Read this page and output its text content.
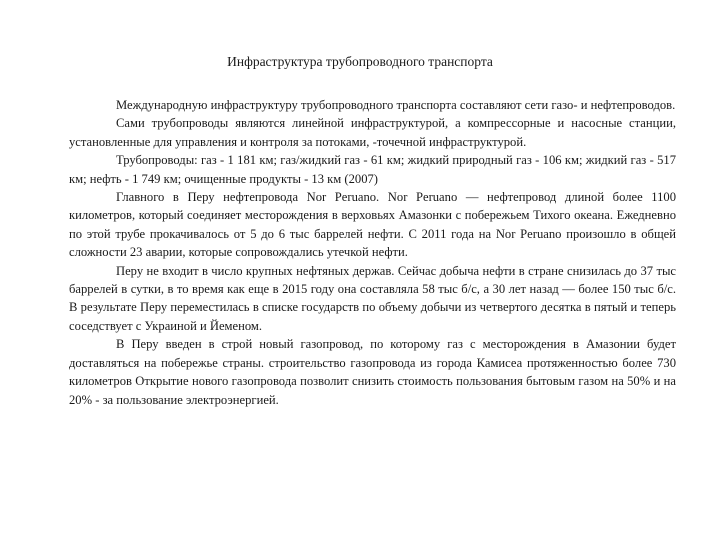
Инфраструктура трубопроводного транспорта

Международную инфраструктуру трубопроводного транспорта составляют сети газо- и нефтепроводов.

Сами трубопроводы являются линейной инфраструктурой, а компрессорные и насосные станции, установленные для управления и контроля за потоками, -точечной инфраструктурой.

Трубопроводы: газ - 1 181 км; газ/жидкий газ - 61 км; жидкий природный газ - 106 км; жидкий газ - 517 км; нефть - 1 749 км; очищенные продукты - 13 км (2007)

Главного в Перу нефтепровода Nor Peruano. Nor Peruano — нефтепровод длиной более 1100 километров, который соединяет месторождения в верховьях Амазонки с побережьем Тихого океана. Ежедневно по этой трубе прокачивалось от 5 до 6 тыс баррелей нефти. С 2011 года на Nor Peruano произошло в общей сложности 23 аварии, которые сопровождались утечкой нефти.

Перу не входит в число крупных нефтяных держав. Сейчас добыча нефти в стране снизилась до 37 тыс баррелей в сутки, в то время как еще в 2015 году она составляла 58 тыс б/с, а 30 лет назад — более 150 тыс б/с. В результате Перу переместилась в списке государств по объему добычи из четвертого десятка в пятый и теперь соседствует с Украиной и Йеменом.

В Перу введен в строй новый газопровод, по которому газ с месторождения в Амазонии будет доставляться на побережье страны. строительство газопровода из города Камисеа протяженностью более 730 километров Открытие нового газопровода позволит снизить стоимость пользования бытовым газом на 50% и на 20% - за пользование электроэнергией.
